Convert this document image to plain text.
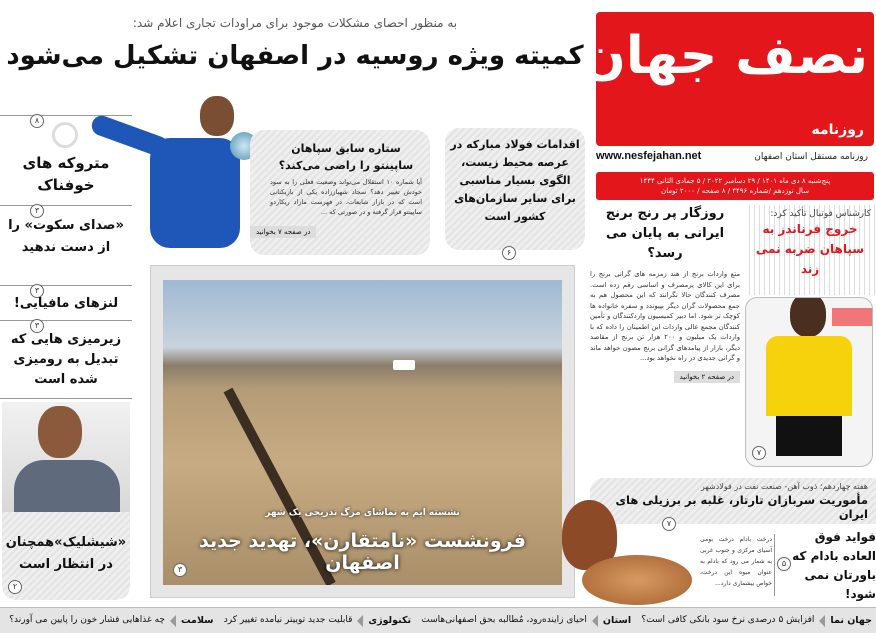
نصف جهان
روزنامه
www.nesfejahan.net	روزنامه مستقل استان اصفهان
پنج‌شنبه ۸ دی ماه ۱۴۰۱ / ۲۹ دسامبر ۲۰۲۲ / ۵ جمادی الثانی ۱۴۴۴
سال نوزدهم /شماره ۴۴۹۶ / ۸ صفحه / ۲۰۰۰ تومان
به منظور احصای مشکلات موجود برای مراودات تجاری اعلام شد:
کمیته ویژه روسیه در اصفهان تشکیل می‌شود
۸
متروکه های خوفناک
۳
«صدای سکوت» را از دست ندهید
۳
لنزهای مافیایی!
۳
زیرمیزی هایی که تبدیل به رومیزی شده است
«شیشلیک»همچنان در انتظار است
۲
ستاره سابق سپاهان ساپینتو را راضی می‌کند؟
آیا شماره ۱۰ استقلال می‌تواند وضعیت فعلی را به سود خودش تغییر دهد؟ سجاد شهباززاده یکی از بازیکنانی است که در بازار شایعات، در فهرست مازاد ریکاردو ساپینتو قرار گرفته و در صورتی که ...
در صفحه ۷ بخوانید
اقدامات فولاد مبارکه در عرصه محیط زیست، الگوی بسیار مناسبی برای سایر سازمان‌های کشور است
۶
نشسته ایم به تماشای مرگ تدریجی یک شهر
فرونشست «نامتقارن»، تهدید جدید اصفهان
۳
روزگار پر رنج برنج ایرانی به پایان می رسد؟
متع واردات برنج از هند زمزمه های گرانی برنج را برای این کالای پرمصرف و اساسی رقم زده است. مصرف کنندگان حالا نگرانند که این محصول هم به جمع محصولات گران دیگر بپیوندد و سفره خانواده ها کوچک تر شود. اما دبیر کمیسیون واردکنندگان و تأمین کنندگان مجمع عالی واردات این اطمینان را داده که با واردات یک میلیون و ۲۰۰ هزار تن برنج از مقاصد دیگر، بازار از پیامدهای گرانی برنج مصون خواهد ماند و گرانی جدیدی در راه نخواهد بود...
در صفحه ۲ بخوانید
کارشناس فوتبال تأکید کرد:
خروج فرناندز به سپاهان ضربه نمی زند
۷
هفته چهاردهم؛ ذوب آهن- صنعت نفت در فولادشهر
مأموریت سربازان تارتار، غلبه بر برزیلی های ایران
۷
درخت بادام درخت بومی آسیای مرکزی و جنوب غربی به شمار می رود که بادام به عنوان میوه این درخت، خواص بیشماری دارد...
۵
فواید فوق العاده بادام که باورتان نمی شود!
جهان نما
افزایش ۵ درصدی نرخ سود بانکی کافی است؟
استان
احیای زاینده‌رود، مُطالبه بحق اصفهانی‌هاست
تکنولوژی
قابلیت جدید توییتر نیامده تغییر کرد
سلامت
چه غذاهایی فشار خون را پایین می آورند؟
